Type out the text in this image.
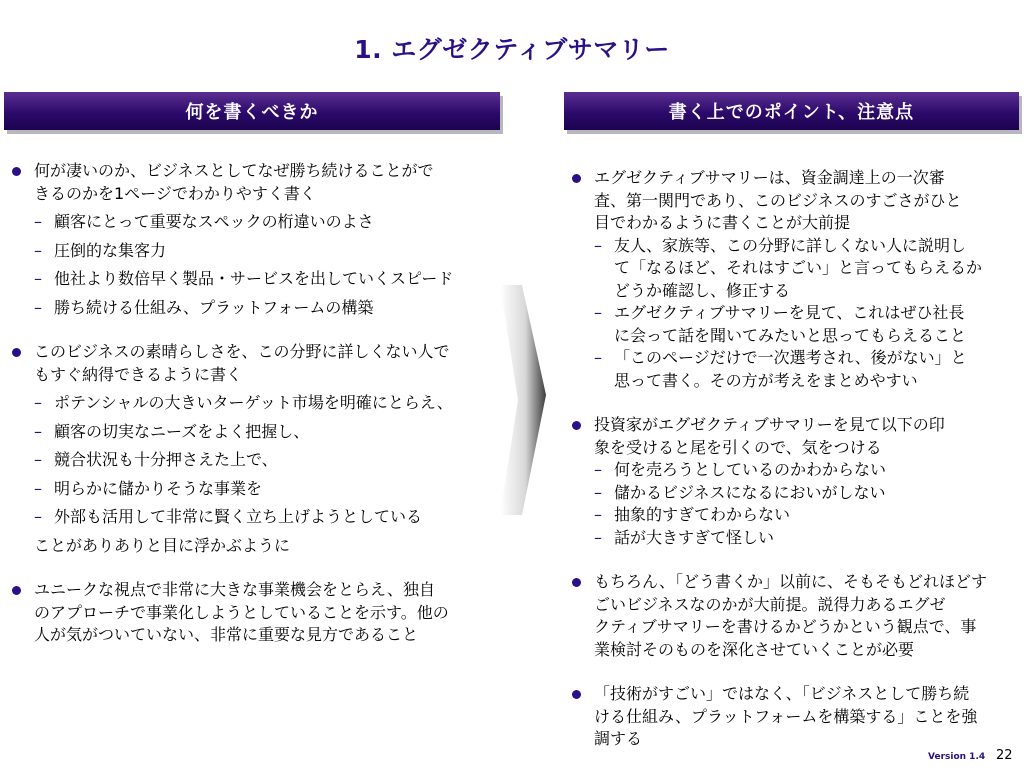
1. エグゼクティブサマリー
何を書くべきか	書く上でのポイント、注意点
何が凄いのか、ビジネスとしてなぜ勝ち続けることがで
きるのかを1ページでわかりやすく書く
– 顧客にとって重要なスペックの桁違いのよさ
– 圧倒的な集客力
– 他社より数倍早く製品・サービスを出していくスピード
– 勝ち続ける仕組み、プラットフォームの構築
このビジネスの素晴らしさを、この分野に詳しくない人で
もすぐ納得できるように書く
– ポテンシャルの大きいターゲット市場を明確にとらえ、
– 顧客の切実なニーズをよく把握し、
– 競合状況も十分押さえた上で、
– 明らかに儲かりそうな事業を
– 外部も活用して非常に賢く立ち上げようとしている
ことがありありと目に浮かぶように
ユニークな視点で非常に大きな事業機会をとらえ、独自
のアプローチで事業化しようとしていることを示す。他の
人が気がついていない、非常に重要な見方であること
エグゼクティブサマリーは、資金調達上の一次審
査、第一関門であり、このビジネスのすごさがひと
目でわかるように書くことが大前提
– 友人、家族等、この分野に詳しくない人に説明し
て「なるほど、それはすごい」と言ってもらえるか
どうか確認し、修正する
– エグゼクティブサマリーを見て、これはぜひ社長
に会って話を聞いてみたいと思ってもらえること
– 「このページだけで一次選考され、後がない」と
思って書く。その方が考えをまとめやすい
投資家がエグゼクティブサマリーを見て以下の印
象を受けると尾を引くので、気をつける
– 何を売ろうとしているのかわからない
– 儲かるビジネスになるにおいがしない
– 抽象的すぎてわからない
– 話が大きすぎて怪しい
もちろん、「どう書くか」以前に、そもそもどれほどす
ごいビジネスなのかが大前提。説得力あるエグゼ
クティブサマリーを書けるかどうかという観点で、事
業検討そのものを深化させていくことが必要
「技術がすごい」ではなく、「ビジネスとして勝ち続
ける仕組み、プラットフォームを構築する」ことを強
調する
Version 1.4 22
